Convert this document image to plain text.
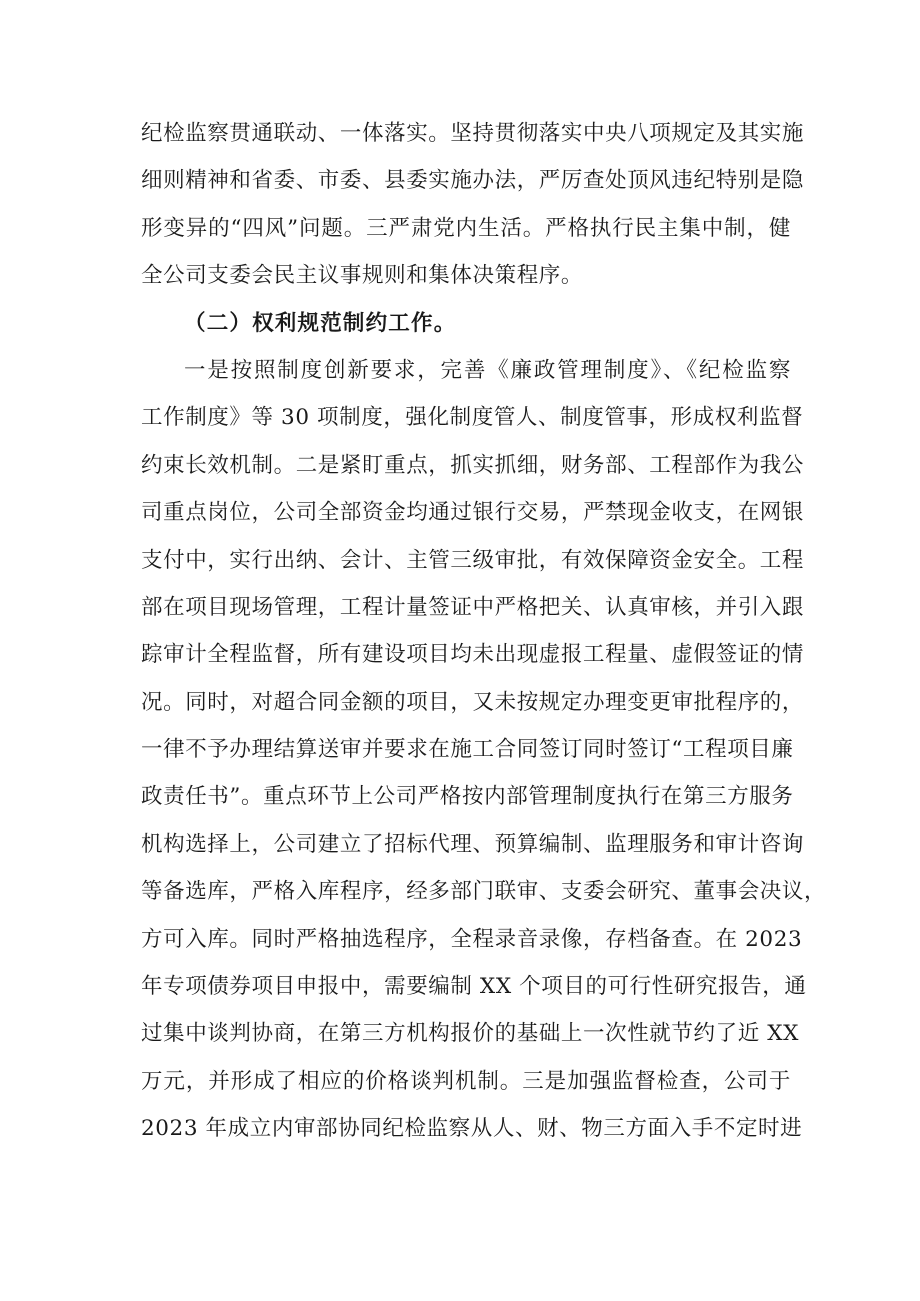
纪检监察贯通联动、一体落实。坚持贯彻落实中央八项规定及其实施
细则精神和省委、市委、县委实施办法，严厉查处顶风违纪特别是隐
形变异的“四风”问题。三严肃党内生活。严格执行民主集中制，健
全公司支委会民主议事规则和集体决策程序。
（二）权利规范制约工作。
一是按照制度创新要求，完善《廉政管理制度》、《纪检监察
工作制度》等 30 项制度，强化制度管人、制度管事，形成权利监督
约束长效机制。二是紧盯重点，抓实抓细，财务部、工程部作为我公
司重点岗位，公司全部资金均通过银行交易，严禁现金收支，在网银
支付中，实行出纳、会计、主管三级审批，有效保障资金安全。工程
部在项目现场管理，工程计量签证中严格把关、认真审核，并引入跟
踪审计全程监督，所有建设项目均未出现虚报工程量、虚假签证的情
况。同时，对超合同金额的项目，又未按规定办理变更审批程序的，
一律不予办理结算送审并要求在施工合同签订同时签订“工程项目廉
政责任书”。重点环节上公司严格按内部管理制度执行在第三方服务
机构选择上，公司建立了招标代理、预算编制、监理服务和审计咨询
等备选库，严格入库程序，经多部门联审、支委会研究、董事会决议，
方可入库。同时严格抽选程序，全程录音录像，存档备查。在 2023
年专项债券项目申报中，需要编制 XX 个项目的可行性研究报告，通
过集中谈判协商，在第三方机构报价的基础上一次性就节约了近 XX
万元，并形成了相应的价格谈判机制。三是加强监督检查，公司于
2023 年成立内审部协同纪检监察从人、财、物三方面入手不定时进
